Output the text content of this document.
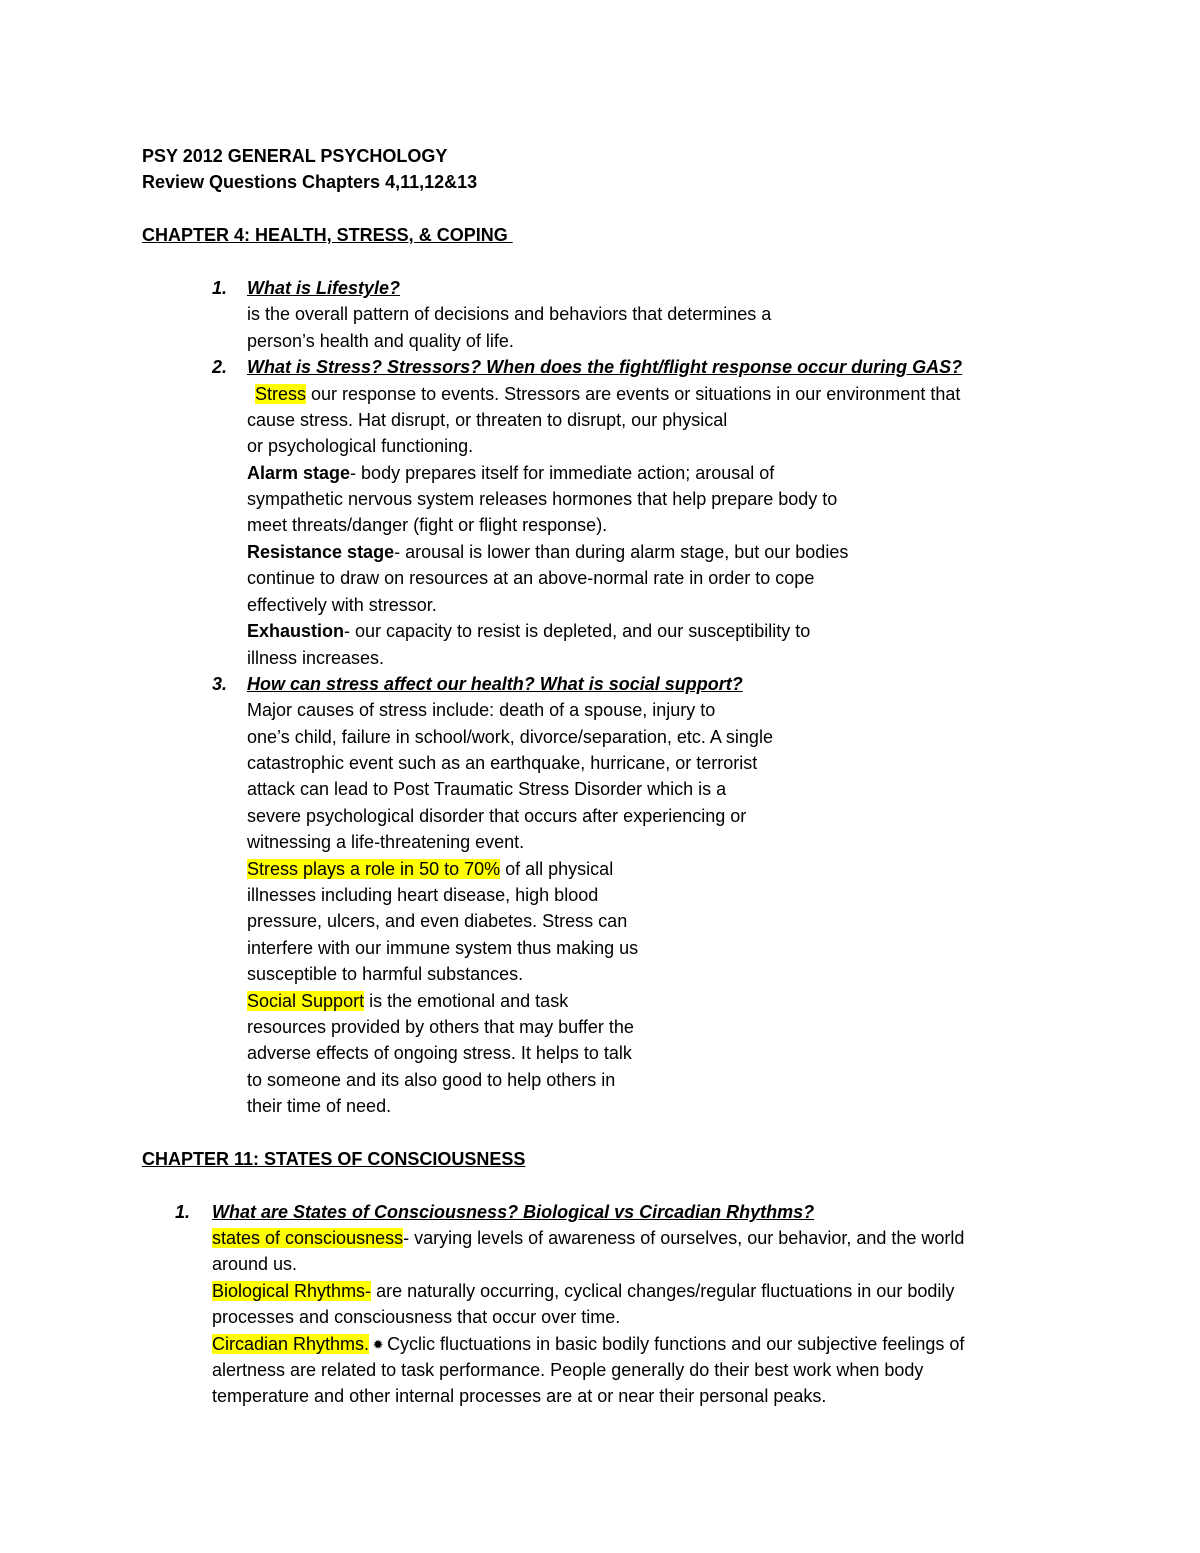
PSY 2012 GENERAL PSYCHOLOGY
Review Questions Chapters 4,11,12&13
CHAPTER 4: HEALTH, STRESS, & COPING
1. What is Lifestyle?
is the overall pattern of decisions and behaviors that determines a
person’s health and quality of life.
2. What is Stress? Stressors? When does the fight/flight response occur during GAS?
Stress our response to events. Stressors are events or situations in our environment that
cause stress. Hat disrupt, or threaten to disrupt, our physical
or psychological functioning.
Alarm stage- body prepares itself for immediate action; arousal of
sympathetic nervous system releases hormones that help prepare body to
meet threats/danger (fight or flight response).
Resistance stage- arousal is lower than during alarm stage, but our bodies
continue to draw on resources at an above-normal rate in order to cope
effectively with stressor.
Exhaustion- our capacity to resist is depleted, and our susceptibility to
illness increases.
3. How can stress affect our health? What is social support?
Major causes of stress include: death of a spouse, injury to
one’s child, failure in school/work, divorce/separation, etc. A single
catastrophic event such as an earthquake, hurricane, or terrorist
attack can lead to Post Traumatic Stress Disorder which is a
severe psychological disorder that occurs after experiencing or
witnessing a life-threatening event.
Stress plays a role in 50 to 70% of all physical
illnesses including heart disease, high blood
pressure, ulcers, and even diabetes. Stress can
interfere with our immune system thus making us
susceptible to harmful substances.
Social Support is the emotional and task
resources provided by others that may buffer the
adverse effects of ongoing stress. It helps to talk
to someone and its also good to help others in
their time of need.
CHAPTER 11: STATES OF CONSCIOUSNESS
1. What are States of Consciousness? Biological vs Circadian Rhythms?
states of consciousness- varying levels of awareness of ourselves, our behavior, and the world
around us.
Biological Rhythms- are naturally occurring, cyclical changes/regular fluctuations in our bodily
processes and consciousness that occur over time.
Circadian Rhythms. ✹ Cyclic fluctuations in basic bodily functions and our subjective feelings of
alertness are related to task performance. People generally do their best work when body
temperature and other internal processes are at or near their personal peaks.
